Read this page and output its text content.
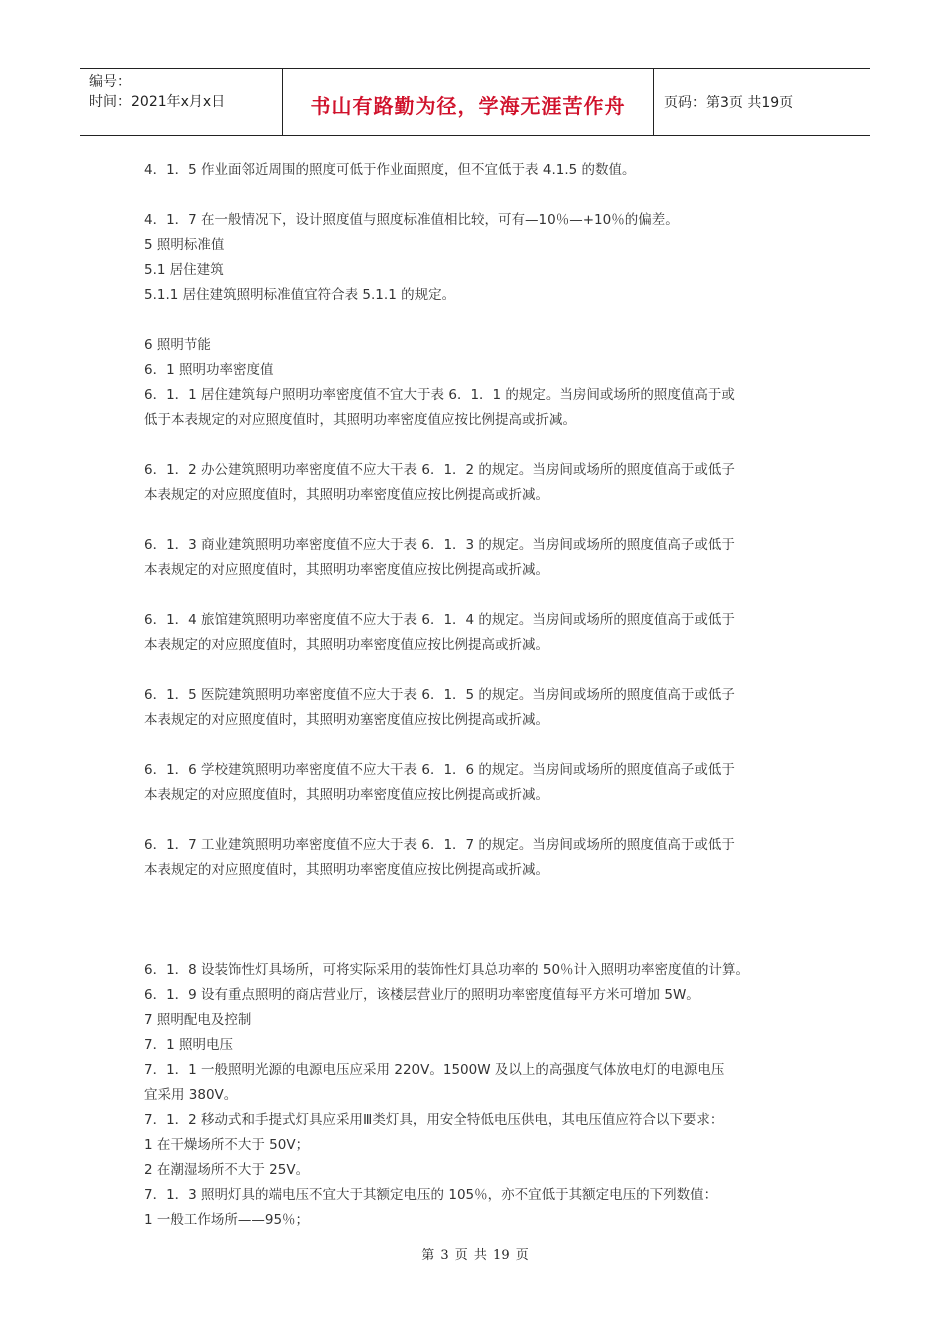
编号：
时间：2021年x月x日	书山有路勤为径，学海无涯苦作舟	页码：第3页 共19页

4．1．5 作业面邻近周围的照度可低于作业面照度，但不宜低于表 4.1.5 的数值。

4．1．7 在一般情况下，设计照度值与照度标准值相比较，可有—10％—+10％的偏差。

5 照明标准值

5.1 居住建筑

5.1.1 居住建筑照明标准值宜符合表 5.1.1 的规定。

6 照明节能

6．1 照明功率密度值

6．1．1 居住建筑每户照明功率密度值不宜大于表 6．1．1 的规定。当房间或场所的照度值高于或

低于本表规定的对应照度值时，其照明功率密度值应按比例提高或折减。

6．1．2 办公建筑照明功率密度值不应大干表 6．1．2 的规定。当房间或场所的照度值高于或低子

本表规定的对应照度值时，其照明功率密度值应按比例提高或折减。

6．1．3 商业建筑照明功率密度值不应大于表 6．1．3 的规定。当房间或场所的照度值高子或低于

本表规定的对应照度值时，其照明功率密度值应按比例提高或折减。

6．1．4 旅馆建筑照明功率密度值不应大于表 6．1．4 的规定。当房间或场所的照度值高于或低于

本表规定的对应照度值时，其照明功率密度值应按比例提高或折减。

6．1．5 医院建筑照明功率密度值不应大于表 6．1．5 的规定。当房间或场所的照度值高于或低子

本表规定的对应照度值时，其照明劝塞密度值应按比例提高或折减。

6．1．6 学校建筑照明功率密度值不应大干表 6．1．6 的规定。当房间或场所的照度值高子或低于

本表规定的对应照度值时，其照明功率密度值应按比例提高或折减。

6．1．7 工业建筑照明功率密度值不应大于表 6．1．7 的规定。当房间或场所的照度值高于或低于

本表规定的对应照度值时，其照明功率密度值应按比例提高或折减。

6．1．8 设装饰性灯具场所，可将实际采用的装饰性灯具总功率的 50％计入照明功率密度值的计算。

6．1．9 设有重点照明的商店营业厅，该楼层营业厅的照明功率密度值每平方米可增加 5W。

7 照明配电及控制

7．1 照明电压

7．1．1 一般照明光源的电源电压应采用 220V。1500W 及以上的高强度气体放电灯的电源电压

宜采用 380V。

7．1．2 移动式和手提式灯具应采用Ⅲ类灯具，用安全特低电压供电，其电压值应符合以下要求：

1 在干燥场所不大于 50V；

2 在潮湿场所不大于 25V。

7．1．3 照明灯具的端电压不宜大于其额定电压的 105％，亦不宜低于其额定电压的下列数值：

1 一般工作场所——95％；

第 3 页 共 19 页
